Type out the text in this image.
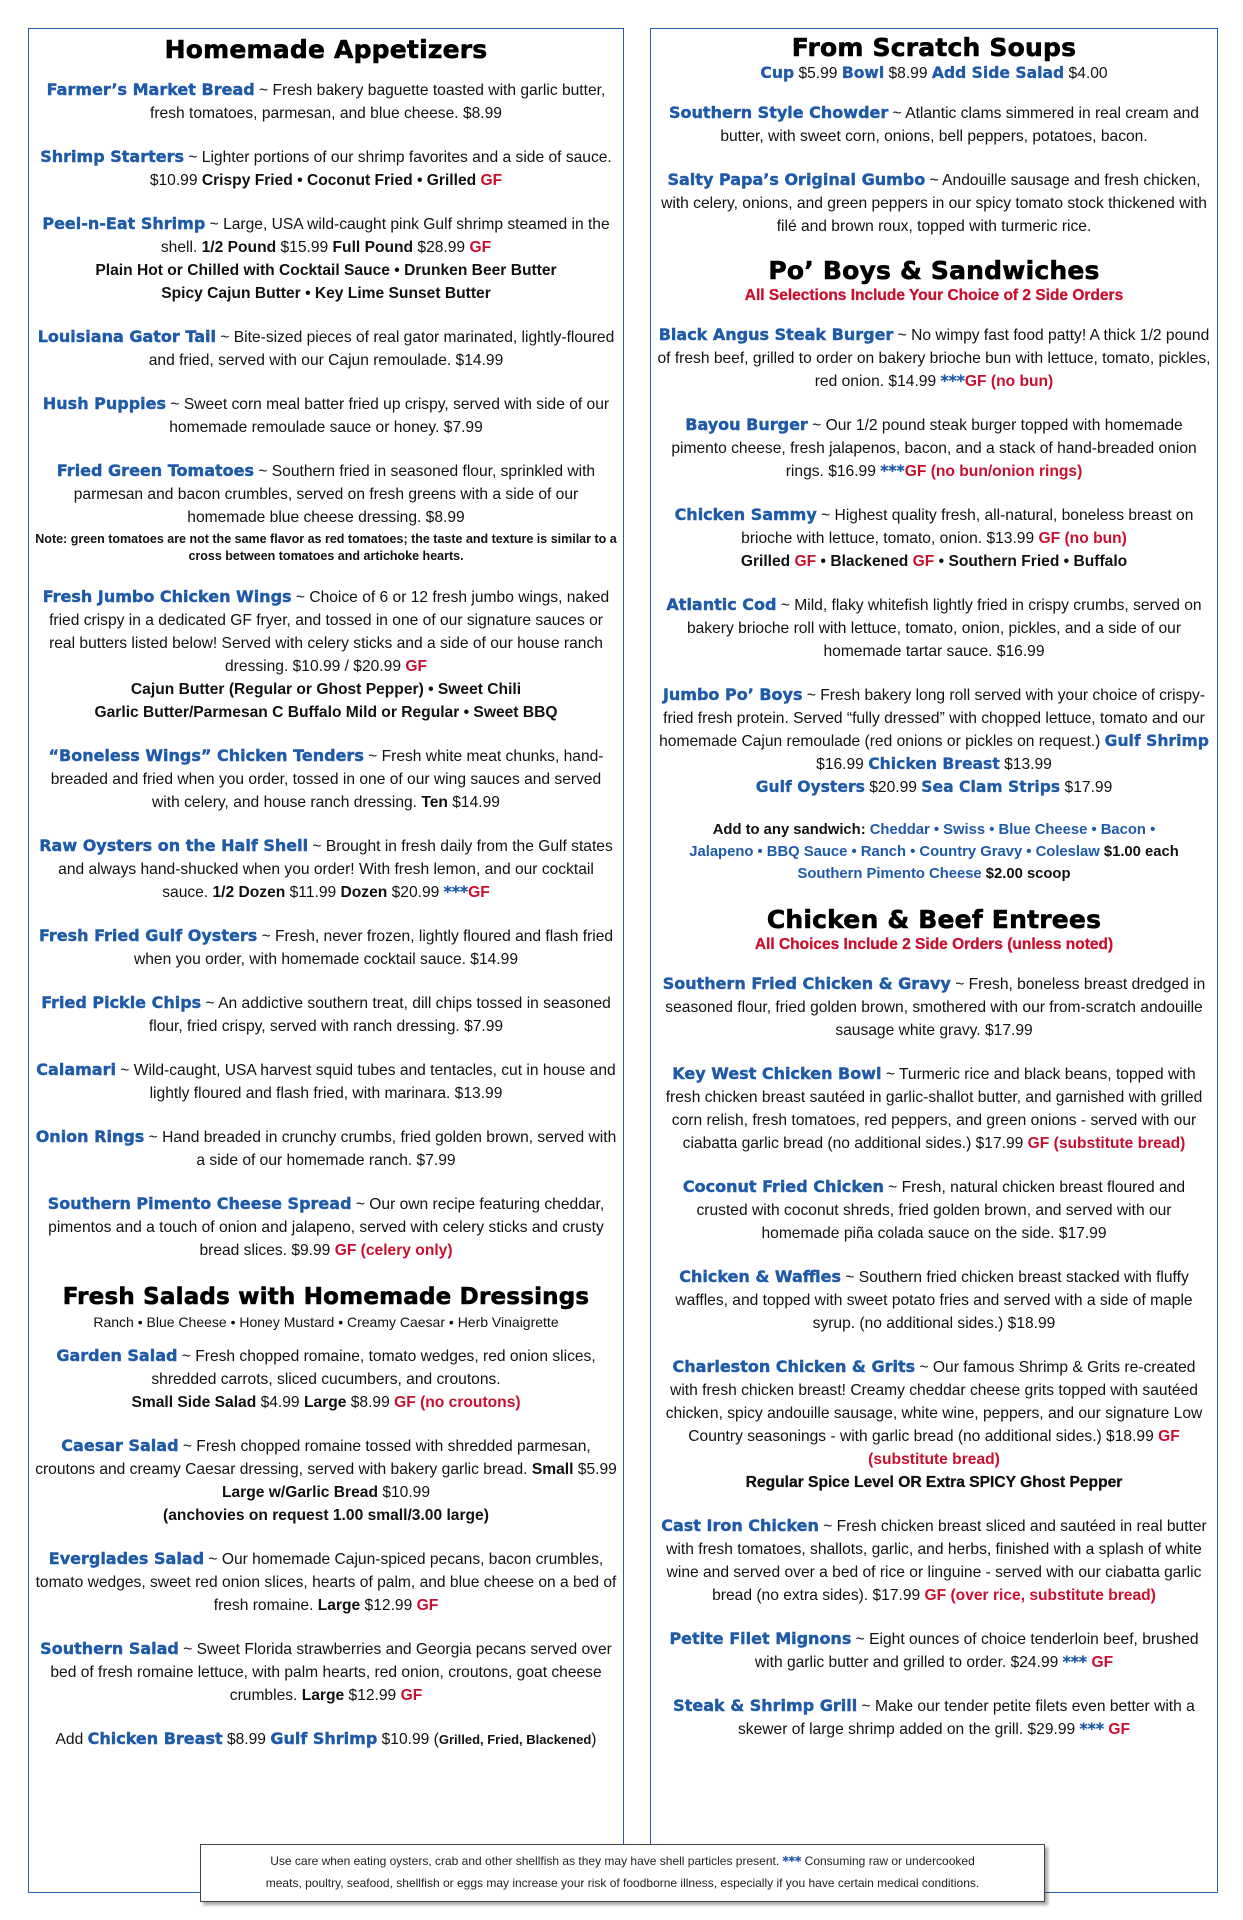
Homemade Appetizers
Farmer’s Market Bread ~ Fresh bakery baguette toasted with garlic butter, fresh tomatoes, parmesan, and blue cheese. $8.99
Shrimp Starters ~ Lighter portions of our shrimp favorites and a side of sauce. $10.99 Crispy Fried • Coconut Fried • Grilled GF
Peel-n-Eat Shrimp ~ Large, USA wild-caught pink Gulf shrimp steamed in the shell. 1/2 Pound $15.99 Full Pound $28.99 GF
Plain Hot or Chilled with Cocktail Sauce • Drunken Beer Butter
Spicy Cajun Butter • Key Lime Sunset Butter
Louisiana Gator Tail ~ Bite-sized pieces of real gator marinated, lightly-floured and fried, served with our Cajun remoulade. $14.99
Hush Puppies ~ Sweet corn meal batter fried up crispy, served with side of our homemade remoulade sauce or honey. $7.99
Fried Green Tomatoes ~ Southern fried in seasoned flour, sprinkled with parmesan and bacon crumbles, served on fresh greens with a side of our homemade blue cheese dressing. $8.99
Note: green tomatoes are not the same flavor as red tomatoes; the taste and texture is similar to a cross between tomatoes and artichoke hearts.
Fresh Jumbo Chicken Wings ~ Choice of 6 or 12 fresh jumbo wings, naked fried crispy in a dedicated GF fryer, and tossed in one of our signature sauces or real butters listed below! Served with celery sticks and a side of our house ranch dressing. $10.99 / $20.99 GF
Cajun Butter (Regular or Ghost Pepper) • Sweet Chili
Garlic Butter/Parmesan C Buffalo Mild or Regular • Sweet BBQ
“Boneless Wings” Chicken Tenders ~ Fresh white meat chunks, hand-breaded and fried when you order, tossed in one of our wing sauces and served with celery, and house ranch dressing. Ten $14.99
Raw Oysters on the Half Shell ~ Brought in fresh daily from the Gulf states and always hand-shucked when you order! With fresh lemon, and our cocktail sauce. 1/2 Dozen $11.99 Dozen $20.99 ***GF
Fresh Fried Gulf Oysters ~ Fresh, never frozen, lightly floured and flash fried when you order, with homemade cocktail sauce. $14.99
Fried Pickle Chips ~ An addictive southern treat, dill chips tossed in seasoned flour, fried crispy, served with ranch dressing. $7.99
Calamari ~ Wild-caught, USA harvest squid tubes and tentacles, cut in house and lightly floured and flash fried, with marinara. $13.99
Onion Rings ~ Hand breaded in crunchy crumbs, fried golden brown, served with a side of our homemade ranch. $7.99
Southern Pimento Cheese Spread ~ Our own recipe featuring cheddar, pimentos and a touch of onion and jalapeno, served with celery sticks and crusty bread slices. $9.99 GF (celery only)
Fresh Salads with Homemade Dressings
Ranch • Blue Cheese • Honey Mustard • Creamy Caesar • Herb Vinaigrette
Garden Salad ~ Fresh chopped romaine, tomato wedges, red onion slices, shredded carrots, sliced cucumbers, and croutons.
Small Side Salad $4.99 Large $8.99 GF (no croutons)
Caesar Salad ~ Fresh chopped romaine tossed with shredded parmesan, croutons and creamy Caesar dressing, served with bakery garlic bread. Small $5.99 Large w/Garlic Bread $10.99
(anchovies on request 1.00 small/3.00 large)
Everglades Salad ~ Our homemade Cajun-spiced pecans, bacon crumbles, tomato wedges, sweet red onion slices, hearts of palm, and blue cheese on a bed of fresh romaine. Large $12.99 GF
Southern Salad ~ Sweet Florida strawberries and Georgia pecans served over bed of fresh romaine lettuce, with palm hearts, red onion, croutons, goat cheese crumbles. Large $12.99 GF
Add Chicken Breast $8.99 Gulf Shrimp $10.99 (Grilled, Fried, Blackened)
From Scratch Soups
Cup $5.99 Bowl $8.99 Add Side Salad $4.00
Southern Style Chowder ~ Atlantic clams simmered in real cream and butter, with sweet corn, onions, bell peppers, potatoes, bacon.
Salty Papa’s Original Gumbo ~ Andouille sausage and fresh chicken, with celery, onions, and green peppers in our spicy tomato stock thickened with filé and brown roux, topped with turmeric rice.
Po’ Boys & Sandwiches
All Selections Include Your Choice of 2 Side Orders
Black Angus Steak Burger ~ No wimpy fast food patty! A thick 1/2 pound of fresh beef, grilled to order on bakery brioche bun with lettuce, tomato, pickles, red onion. $14.99 ***GF (no bun)
Bayou Burger ~ Our 1/2 pound steak burger topped with homemade pimento cheese, fresh jalapenos, bacon, and a stack of hand-breaded onion rings. $16.99 ***GF (no bun/onion rings)
Chicken Sammy ~ Highest quality fresh, all-natural, boneless breast on brioche with lettuce, tomato, onion. $13.99 GF (no bun)
Grilled GF • Blackened GF • Southern Fried • Buffalo
Atlantic Cod ~ Mild, flaky whitefish lightly fried in crispy crumbs, served on bakery brioche roll with lettuce, tomato, onion, pickles, and a side of our homemade tartar sauce. $16.99
Jumbo Po’ Boys ~ Fresh bakery long roll served with your choice of crispy-fried fresh protein. Served “fully dressed” with chopped lettuce, tomato and our homemade Cajun remoulade (red onions or pickles on request.) Gulf Shrimp $16.99 Chicken Breast $13.99
Gulf Oysters $20.99 Sea Clam Strips $17.99
Add to any sandwich: Cheddar • Swiss • Blue Cheese • Bacon •
Jalapeno • BBQ Sauce • Ranch • Country Gravy • Coleslaw $1.00 each
Southern Pimento Cheese $2.00 scoop
Chicken & Beef Entrees
All Choices Include 2 Side Orders (unless noted)
Southern Fried Chicken & Gravy ~ Fresh, boneless breast dredged in seasoned flour, fried golden brown, smothered with our from-scratch andouille sausage white gravy. $17.99
Key West Chicken Bowl ~ Turmeric rice and black beans, topped with fresh chicken breast sautéed in garlic-shallot butter, and garnished with grilled corn relish, fresh tomatoes, red peppers, and green onions - served with our ciabatta garlic bread (no additional sides.) $17.99 GF (substitute bread)
Coconut Fried Chicken ~ Fresh, natural chicken breast floured and crusted with coconut shreds, fried golden brown, and served with our homemade piña colada sauce on the side. $17.99
Chicken & Waffles ~ Southern fried chicken breast stacked with fluffy waffles, and topped with sweet potato fries and served with a side of maple syrup. (no additional sides.) $18.99
Charleston Chicken & Grits ~ Our famous Shrimp & Grits re-created with fresh chicken breast! Creamy cheddar cheese grits topped with sautéed chicken, spicy andouille sausage, white wine, peppers, and our signature Low Country seasonings - with garlic bread (no additional sides.) $18.99 GF (substitute bread)
Regular Spice Level OR Extra SPICY Ghost Pepper
Cast Iron Chicken ~ Fresh chicken breast sliced and sautéed in real butter with fresh tomatoes, shallots, garlic, and herbs, finished with a splash of white wine and served over a bed of rice or linguine - served with our ciabatta garlic bread (no extra sides). $17.99 GF (over rice, substitute bread)
Petite Filet Mignons ~ Eight ounces of choice tenderloin beef, brushed with garlic butter and grilled to order. $24.99 *** GF
Steak & Shrimp Grill ~ Make our tender petite filets even better with a skewer of large shrimp added on the grill. $29.99 *** GF
Use care when eating oysters, crab and other shellfish as they may have shell particles present. *** Consuming raw or undercooked
meats, poultry, seafood, shellfish or eggs may increase your risk of foodborne illness, especially if you have certain medical conditions.
